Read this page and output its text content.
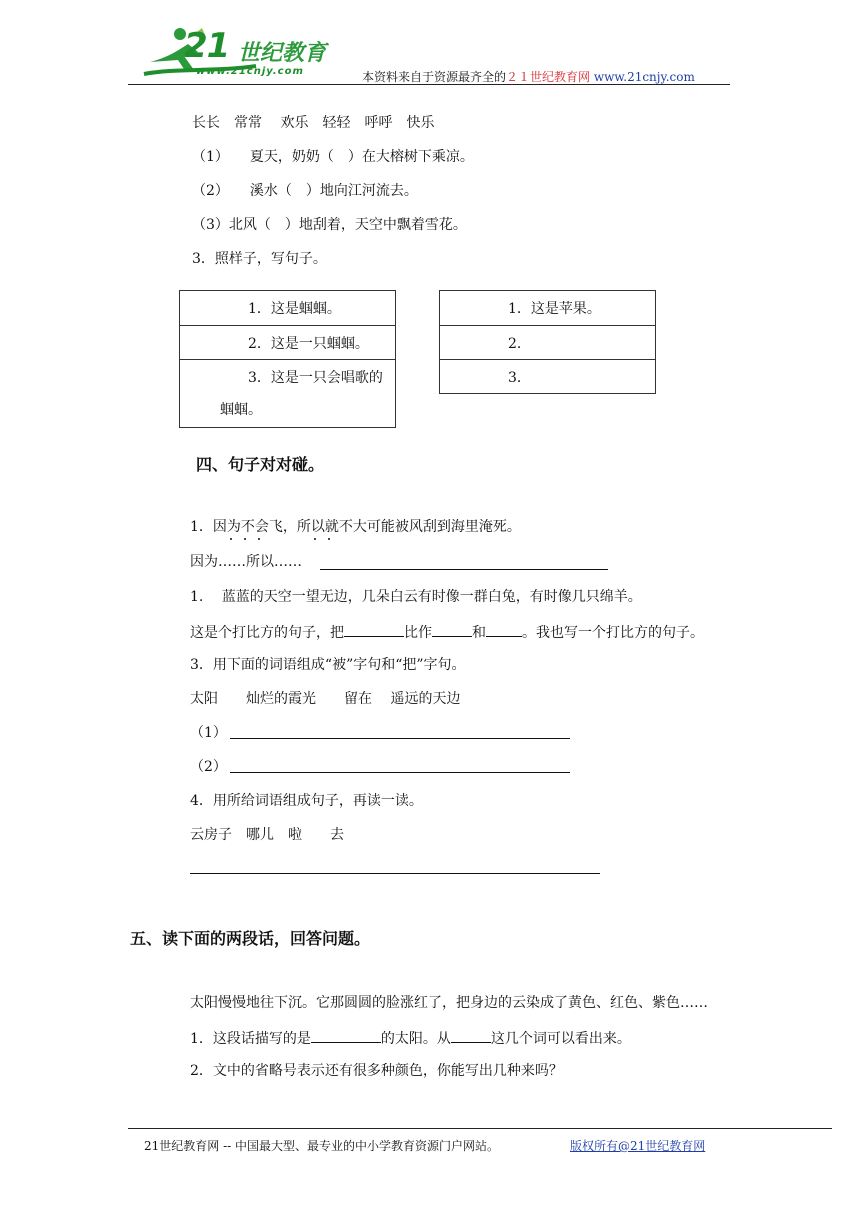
21 世纪教育
www.21cnjy.com	本资料来自于资源最齐全的２１世纪教育网 www.21cnjy.com
长长　常常　 欢乐　轻轻　呼呼　快乐
（1）　　夏天，奶奶（　）在大榕树下乘凉。
（2）　　溪水（　）地向江河流去。
（3）北风（　）地刮着，天空中飘着雪花。
3．照样子，写句子。
1．这是蝈蝈。
2．这是一只蝈蝈。

3．这是一只会唱歌的
蝈蝈。
1．这是苹果。
2．
3．
四、句子对对碰。
1．因为不会飞，所以就不大可能被风刮到海里淹死。
因为……所以……
1.　 蓝蓝的天空一望无边，几朵白云有时像一群白兔，有时像几只绵羊。
这是个打比方的句子，把	比作	和	。我也写一个打比方的句子。
3．用下面的词语组成“被”字句和“把”字句。
太阳　　灿烂的霞光　　留在　 遥远的天边
（1）
（2）
4．用所给词语组成句子，再读一读。
云房子　哪儿　啦　　去
五、读下面的两段话，回答问题。
太阳慢慢地往下沉。它那圆圆的脸涨红了，把身边的云染成了黄色、红色、紫色……
1．这段话描写的是	的太阳。从	这几个词可以看出来。
2．文中的省略号表示还有很多种颜色，你能写出几种来吗？
21世纪教育网 -- 中国最大型、最专业的中小学教育资源门户网站。	版权所有@21世纪教育网
